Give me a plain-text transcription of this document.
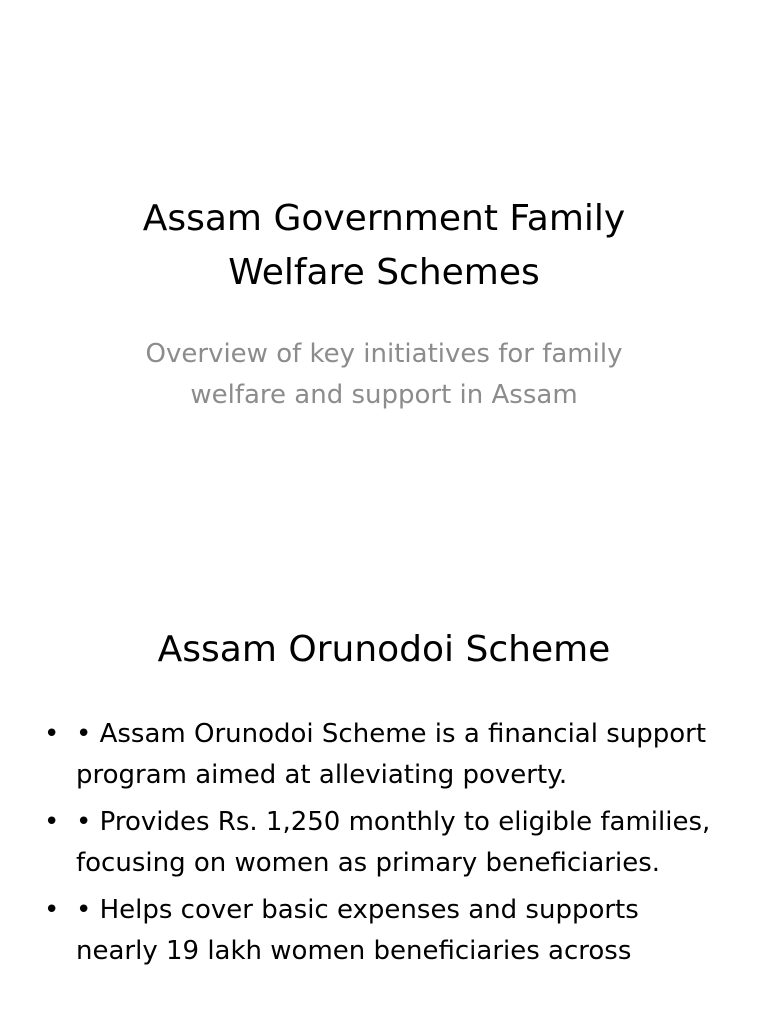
Assam Government Family Welfare Schemes

Overview of key initiatives for family welfare and support in Assam

Assam Orunodoi Scheme
• • Assam Orunodoi Scheme is a financial support program aimed at alleviating poverty.
• • Provides Rs. 1,250 monthly to eligible families, focusing on women as primary beneficiaries.
• • Helps cover basic expenses and supports nearly 19 lakh women beneficiaries across
